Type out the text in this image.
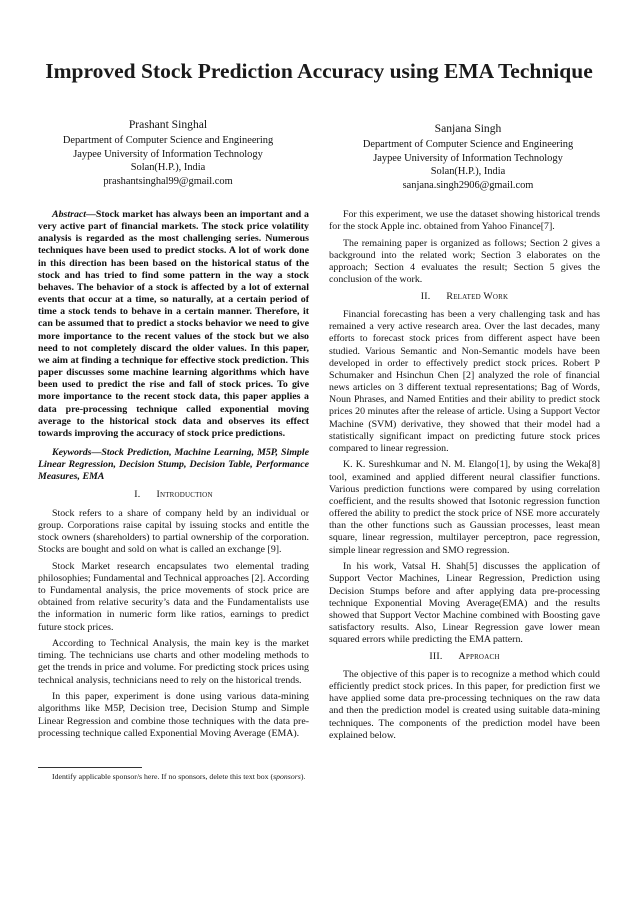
Improved Stock Prediction Accuracy using EMA Technique
Prashant Singhal
Department of Computer Science and Engineering
Jaypee University of Information Technology
Solan(H.P.), India
prashantsinghal99@gmail.com
Sanjana Singh
Department of Computer Science and Engineering
Jaypee University of Information Technology
Solan(H.P.), India
sanjana.singh2906@gmail.com

Abstract—Stock market has always been an important and a very active part of financial markets. The stock price volatility analysis is regarded as the most challenging series. Numerous techniques have been used to predict stocks. A lot of work done in this direction has been based on the historical status of the stock and has tried to find some pattern in the way a stock behaves. The behavior of a stock is affected by a lot of external events that occur at a time, so naturally, at a certain period of time a stock tends to behave in a certain manner. Therefore, it can be assumed that to predict a stocks behavior we need to give more importance to the recent values of the stock but we also need to not completely discard the older values. In this paper, we aim at finding a technique for effective stock prediction. This paper discusses some machine learning algorithms which have been used to predict the rise and fall of stock prices. To give more importance to the recent stock data, this paper applies a data pre-processing technique called exponential moving average to the historical stock data and observes its effect towards improving the accuracy of stock price predictions.

Keywords—Stock Prediction, Machine Learning, M5P, Simple Linear Regression, Decision Stump, Decision Table, Performance Measures, EMA

I. Introduction

Stock refers to a share of company held by an individual or group. Corporations raise capital by issuing stocks and entitle the stock owners (shareholders) to partial ownership of the corporation. Stocks are bought and sold on what is called an exchange [9].

Stock Market research encapsulates two elemental trading philosophies; Fundamental and Technical approaches [2]. According to Fundamental analysis, the price movements of stock price are obtained from relative security’s data and the Fundamentalists use the information in numeric form like ratios, earnings to predict future stock prices.

According to Technical Analysis, the main key is the market timing. The technicians use charts and other modeling methods to get the trends in price and volume. For predicting stock prices using technical analysis, technicians need to rely on the historical trends.

In this paper, experiment is done using various data-mining algorithms like M5P, Decision tree, Decision Stump and Simple Linear Regression and combine those techniques with the data pre-processing technique called Exponential Moving Average (EMA).

For this experiment, we use the dataset showing historical trends for the stock Apple inc. obtained from Yahoo Finance[7].

The remaining paper is organized as follows; Section 2 gives a background into the related work; Section 3 elaborates on the approach; Section 4 evaluates the result; Section 5 gives the conclusion of the work.

II. Related Work

Financial forecasting has been a very challenging task and has remained a very active research area. Over the last decades, many efforts to forecast stock prices from different aspect have been studied. Various Semantic and Non-Semantic models have been developed in order to effectively predict stock prices. Robert P Schumaker and Hsinchun Chen [2] analyzed the role of financial news articles on 3 different textual representations; Bag of Words, Noun Phrases, and Named Entities and their ability to predict stock prices 20 minutes after the release of article. Using a Support Vector Machine (SVM) derivative, they showed that their model had a statistically significant impact on predicting future stock prices compared to linear regression.

K. K. Sureshkumar and N. M. Elango[1], by using the Weka[8] tool, examined and applied different neural classifier functions. Various prediction functions were compared by using correlation coefficient, and the results showed that Isotonic regression function offered the ability to predict the stock price of NSE more accurately than the other functions such as Gaussian processes, least mean square, linear regression, multilayer perceptron, pace regression, simple linear regression and SMO regression.

In his work, Vatsal H. Shah[5] discusses the application of Support Vector Machines, Linear Regression, Prediction using Decision Stumps before and after applying data pre-processing technique Exponential Moving Average(EMA) and the results showed that Support Vector Machine combined with Boosting gave satisfactory results. Also, Linear Regression gave lower mean squared errors while predicting the EMA pattern.

III. Approach

The objective of this paper is to recognize a method which could efficiently predict stock prices. In this paper, for prediction first we have applied some data pre-processing techniques on the raw data and then the prediction model is created using suitable data-mining techniques. The components of the prediction model have been explained below.

Identify applicable sponsor/s here. If no sponsors, delete this text box (sponsors).
